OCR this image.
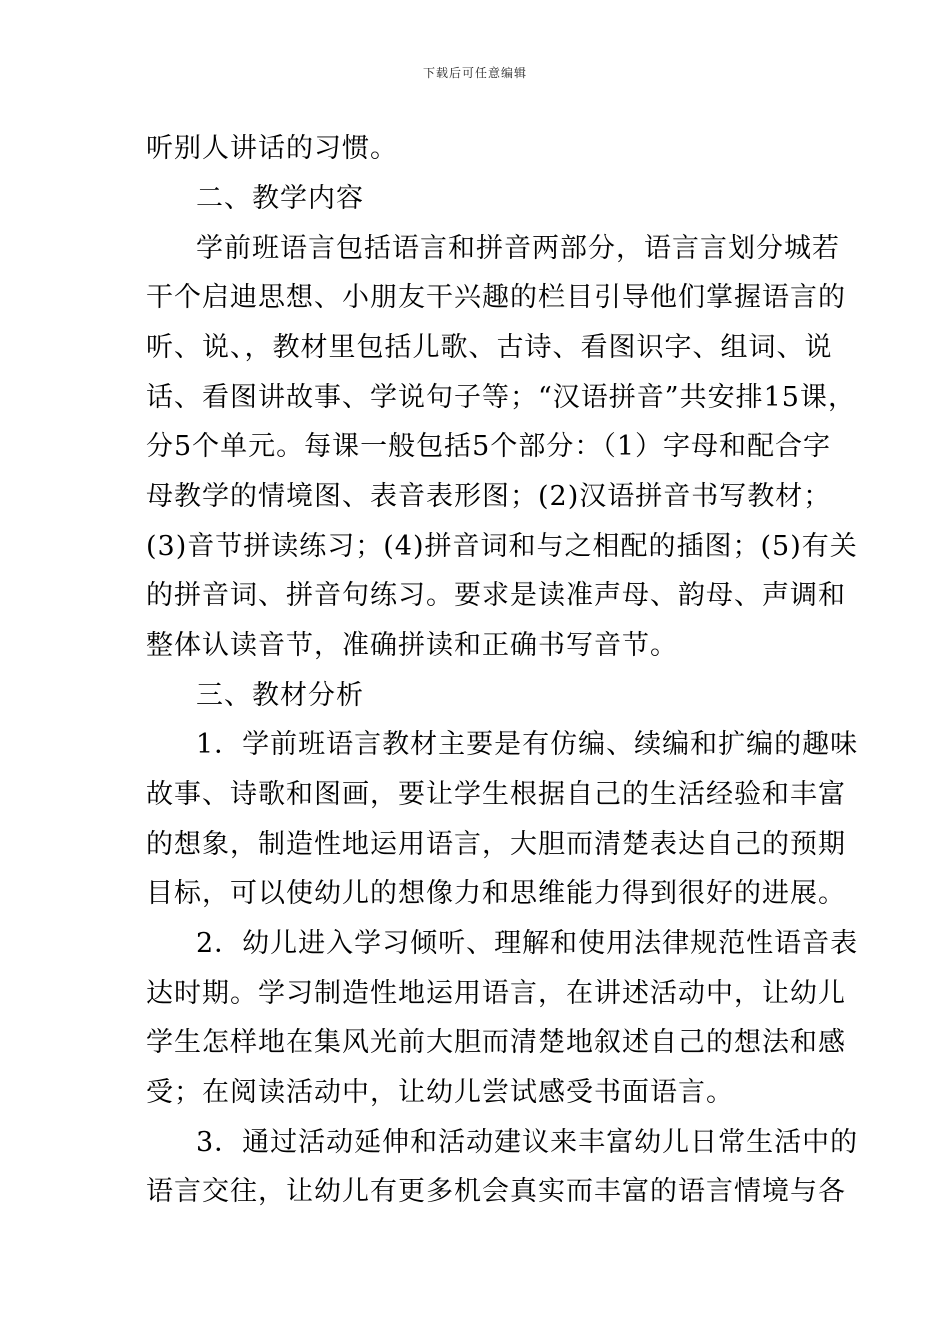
下载后可任意编辑

听别人讲话的习惯。

二、教学内容

学前班语言包括语言和拼音两部分，语言言划分城若

干个启迪思想、小朋友干兴趣的栏目引导他们掌握语言的

听、说、，教材里包括儿歌、古诗、看图识字、组词、说

话、看图讲故事、学说句子等；“汉语拼音”共安排15课，

分5个单元。每课一般包括5个部分：（1）字母和配合字

母教学的情境图、表音表形图；(2)汉语拼音书写教材；

(3)音节拼读练习；(4)拼音词和与之相配的插图；(5)有关

的拼音词、拼音句练习。要求是读准声母、韵母、声调和

整体认读音节，准确拼读和正确书写音节。

三、教材分析

1．学前班语言教材主要是有仿编、续编和扩编的趣味

故事、诗歌和图画，要让学生根据自己的生活经验和丰富

的想象，制造性地运用语言，大胆而清楚表达自己的预期

目标，可以使幼儿的想像力和思维能力得到很好的进展。

2．幼儿进入学习倾听、理解和使用法律规范性语音表

达时期。学习制造性地运用语言，在讲述活动中，让幼儿

学生怎样地在集风光前大胆而清楚地叙述自己的想法和感

受；在阅读活动中，让幼儿尝试感受书面语言。

3．通过活动延伸和活动建议来丰富幼儿日常生活中的

语言交往，让幼儿有更多机会真实而丰富的语言情境与各
